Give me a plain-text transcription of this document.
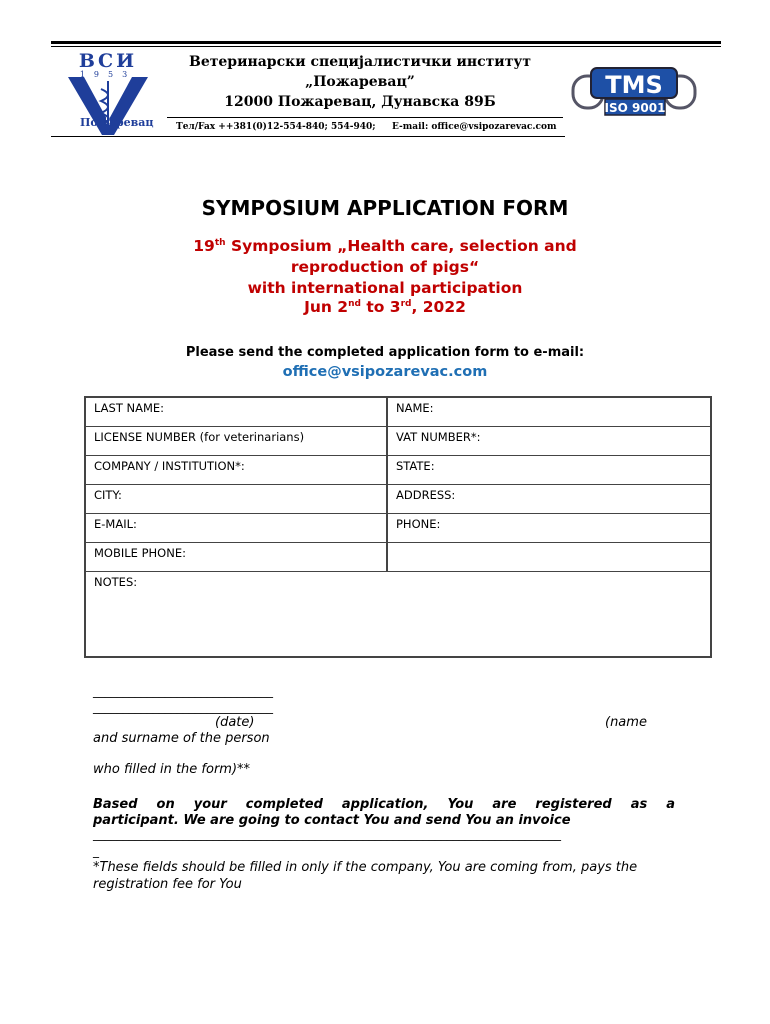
ВСИ
1953
Пожаревац
Ветеринарски специјалистички институт
„Пожаревац”
12000 Пожаревац, Дунавска 89Б
Тел/Fax ++381(0)12-554-840; 554-940; E-mail: office@vsipozarevac.com
TMS
ISO 9001
SYMPOSIUM APPLICATION FORM
19th Symposium „Health care, selection and
reproduction of pigs“
with international participation
Jun 2nd to 3rd, 2022
Please send the completed application form to e-mail:
office@vsipozarevac.com
LAST NAME:	NAME:
LICENSE NUMBER (for veterinarians)	VAT NUMBER*:
COMPANY / INSTITUTION*:	STATE:
CITY:	ADDRESS:
E-MAIL:	PHONE:
MOBILE PHONE:
NOTES:
______________________________
______________________________
(date)	(name
and surname of the person
who filled in the form)**
Based on your completed application, You are registered as a
participant. We are going to contact You and send You an invoice
______________________________________________________________________________
_
*These fields should be filled in only if the company, You are coming from, pays the registration fee for You
